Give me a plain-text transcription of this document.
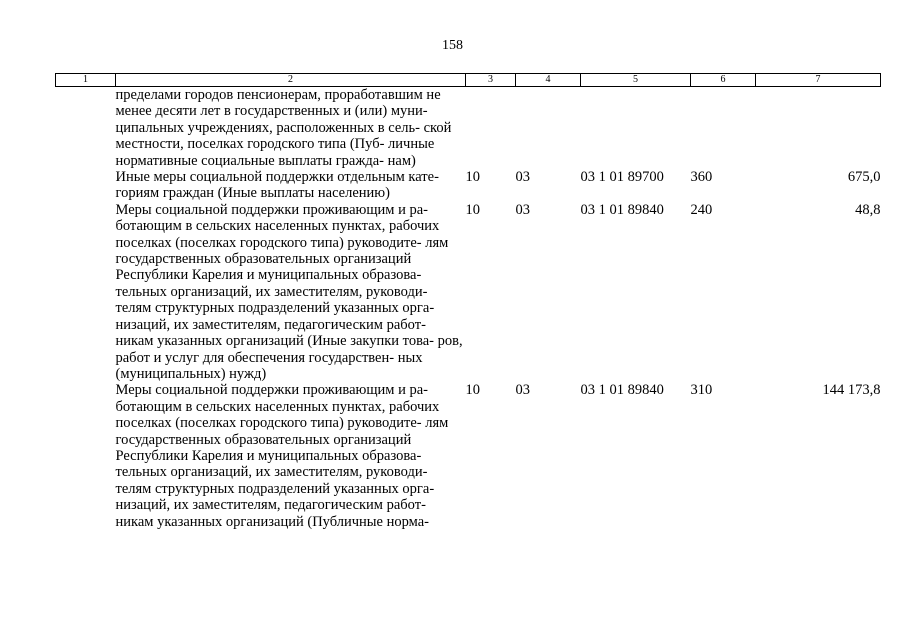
158
1	2	3	4	5	6	7
	пределами городов пенсионерам, проработавшим не менее десяти лет в государственных и (или) муни- ципальных учреждениях, расположенных в сель- ской местности, поселках городского типа (Пуб- личные нормативные социальные выплаты гражда- нам)					
	Иные меры социальной поддержки отдельным кате- гориям граждан (Иные выплаты населению)	10	03	03 1 01 89700	360	675,0
	Меры социальной поддержки проживающим и ра- ботающим в сельских населенных пунктах, рабочих поселках (поселках городского типа) руководите- лям государственных образовательных организаций Республики Карелия и муниципальных образова- тельных организаций, их заместителям, руководи- телям структурных подразделений указанных орга- низаций, их заместителям, педагогическим работ- никам указанных организаций (Иные закупки това- ров, работ и услуг для обеспечения государствен- ных (муниципальных) нужд)	10	03	03 1 01 89840	240	48,8
	Меры социальной поддержки проживающим и ра- ботающим в сельских населенных пунктах, рабочих поселках (поселках городского типа) руководите- лям государственных образовательных организаций Республики Карелия и муниципальных образова- тельных организаций, их заместителям, руководи- телям структурных подразделений указанных орга- низаций, их заместителям, педагогическим работ- никам указанных организаций (Публичные норма-	10	03	03 1 01 89840	310	144 173,8
